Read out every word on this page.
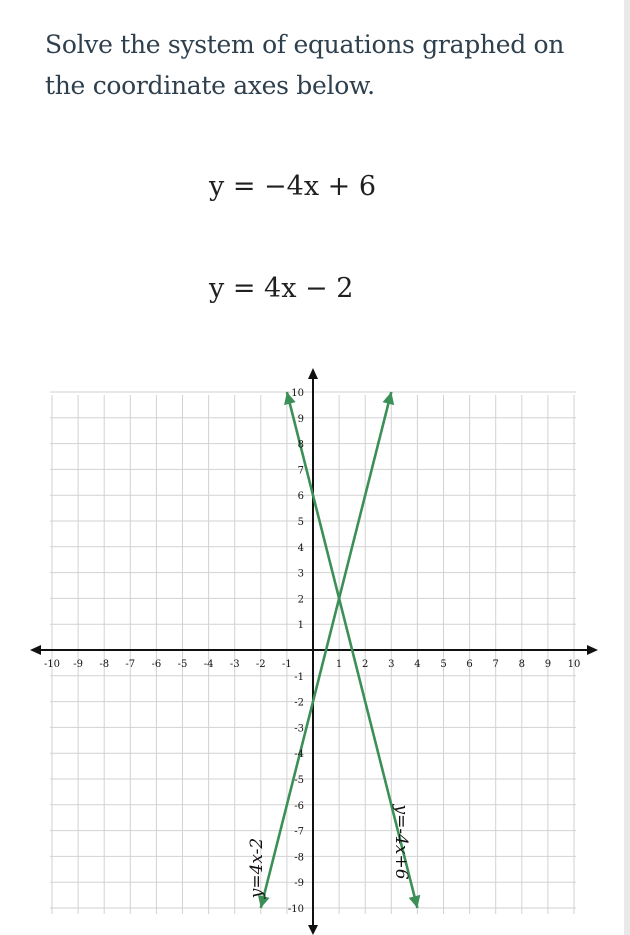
Solve the system of equations graphed on the coordinate axes below.
y = −4x + 6
y = 4x − 2
y=4x-2	y=-4x+6
-10 -9 -8 -7 -6 -5 -4 -3 -2 -1	1 2 3 4 5 6 7 8 9 10
10
9
8
7
6
5
4
3
2
1
-1
-2
-3
-4
-5
-6
-7
-8
-9
-10
